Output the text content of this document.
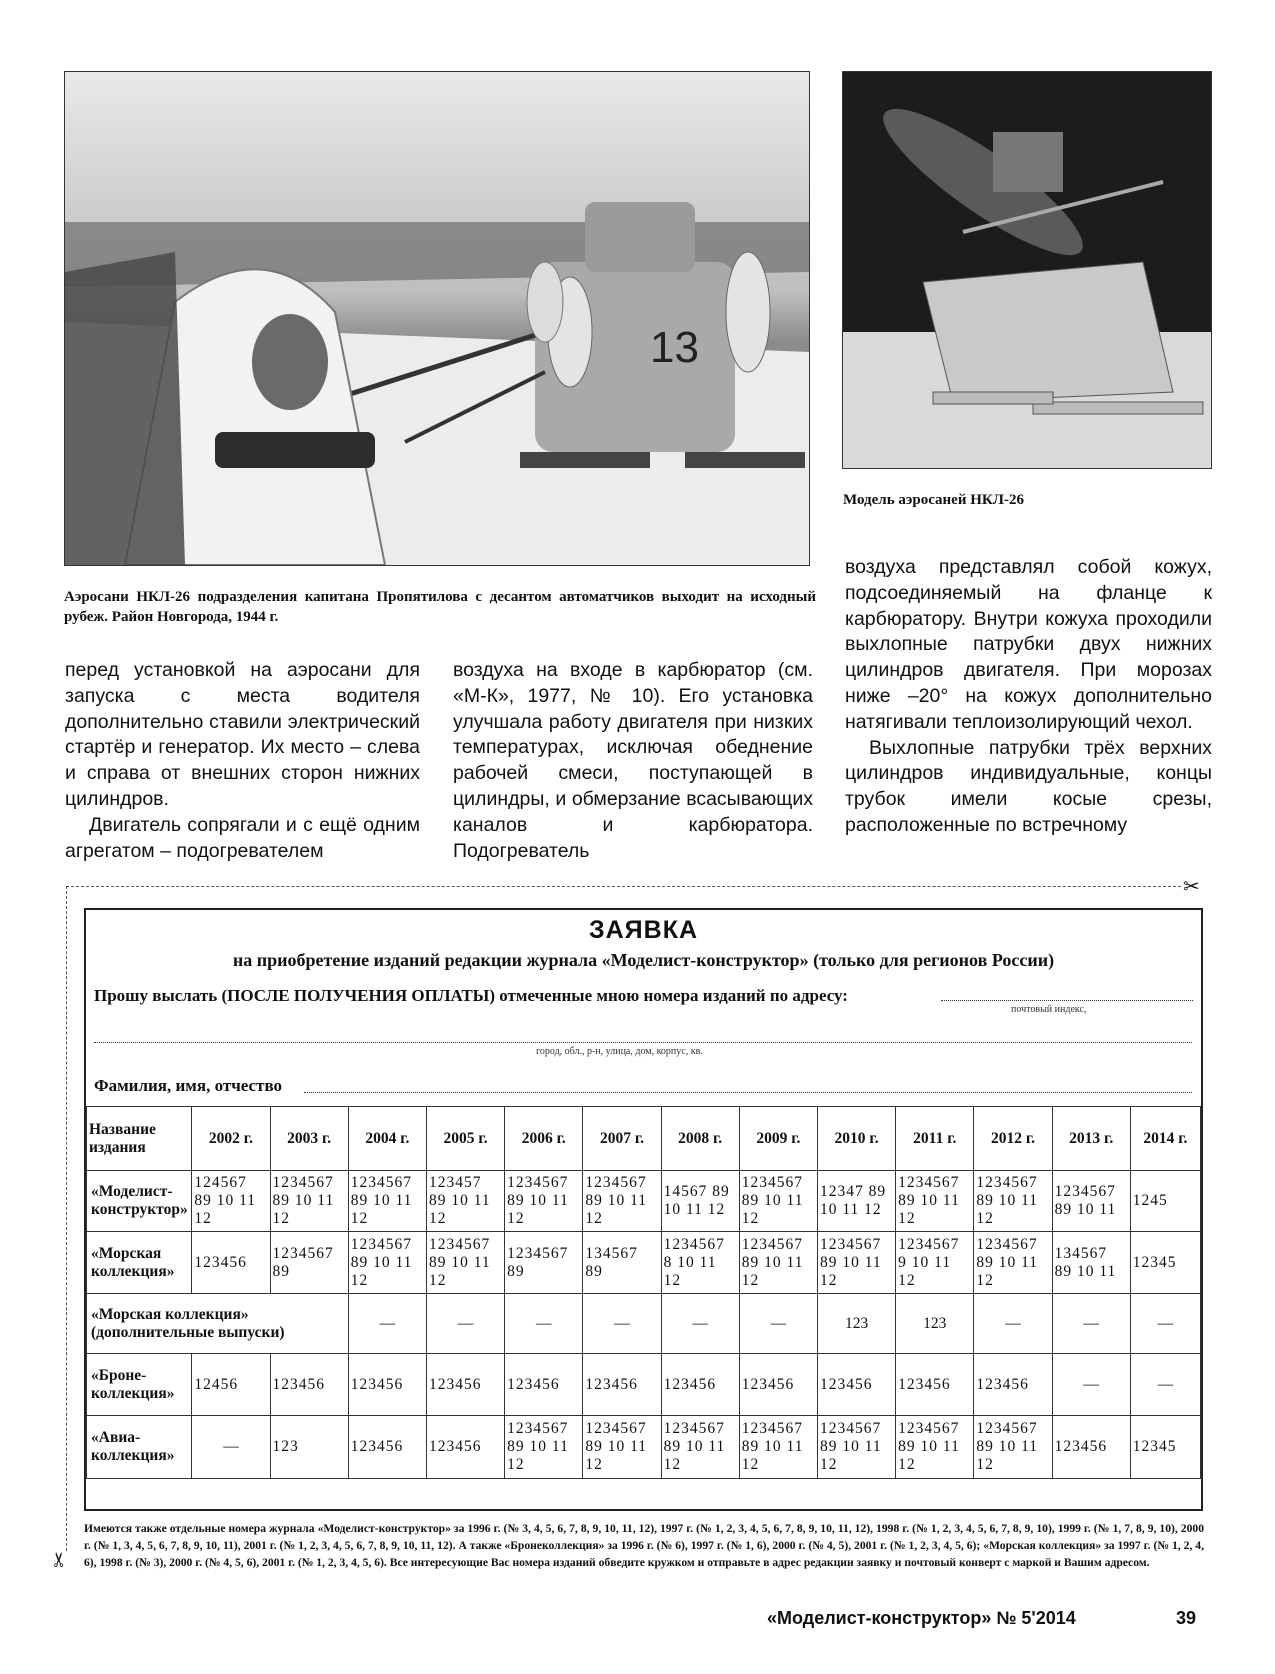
13
Модель аэросаней НКЛ-26
Аэросани НКЛ-26 подразделения капитана Пропятилова с десантом автоматчиков выходит на исходный рубеж. Район Новгорода, 1944 г.

воздуха представлял собой кожух, подсоединяемый на фланце к карбюратору. Внутри кожуха проходили выхлопные патрубки двух нижних цилиндров двигателя. При морозах ниже –20° на кожух дополнительно натягивали теплоизолирующий чехол.

Выхлопные патрубки трёх верхних цилиндров индивидуальные, концы трубок имели косые срезы, расположенные по встречному

перед установкой на аэросани для запуска с места водителя дополнительно ставили электрический стартёр и генератор. Их место – слева и справа от внешних сторон нижних цилиндров.

Двигатель сопрягали и с ещё одним агрегатом – подогревателем

воздуха на входе в карбюратор (см. «М-К», 1977, № 10). Его установка улучшала работу двигателя при низких температурах, исключая обеднение рабочей смеси, поступающей в цилиндры, и обмерзание всасывающих каналов и карбюратора. Подогреватель

✂
✂
ЗАЯВКА
на приобретение изданий редакции журнала «Моделист-конструктор» (только для регионов России)
Прошу выслать (ПОСЛЕ ПОЛУЧЕНИЯ ОПЛАТЫ) отмеченные мною номера изданий по адресу:
почтовый индекс,
город, обл., р-н, улица, дом, корпус, кв.
Фамилия, имя, отчество
Название издания	2002 г.	2003 г.	2004 г.	2005 г.	2006 г.	2007 г.	2008 г.	2009 г.	2010 г.	2011 г.	2012 г.	2013 г.	2014 г.
«Моделист-конструктор»	124567 89 10 11 12	1234567 89 10 11 12	1234567 89 10 11 12	123457 89 10 11 12	1234567 89 10 11 12	1234567 89 10 11 12	14567 89 10 11 12	1234567 89 10 11 12	12347 89 10 11 12	1234567 89 10 11 12	1234567 89 10 11 12	1234567 89 10 11	1245
«Морская коллекция»	123456	1234567 89	1234567 89 10 11 12	1234567 89 10 11 12	1234567 89	134567 89	1234567 8 10 11 12	1234567 89 10 11 12	1234567 89 10 11 12	1234567 9 10 11 12	1234567 89 10 11 12	134567 89 10 11	12345
«Морская коллекция» (дополнительные выпуски)			—	—	—	—	—	—	123	123	—	—	—
«Броне-коллекция»	12456	123456	123456	123456	123456	123456	123456	123456	123456	123456	123456	—	—
«Авиа-коллекция»	—	123	123456	123456	1234567 89 10 11 12	1234567 89 10 11 12	1234567 89 10 11 12	1234567 89 10 11 12	1234567 89 10 11 12	1234567 89 10 11 12	1234567 89 10 11 12	123456	12345
Имеются также отдельные номера журнала «Моделист-конструктор» за 1996 г. (№ 3, 4, 5, 6, 7, 8, 9, 10, 11, 12), 1997 г. (№ 1, 2, 3, 4, 5, 6, 7, 8, 9, 10, 11, 12), 1998 г. (№ 1, 2, 3, 4, 5, 6, 7, 8, 9, 10), 1999 г. (№ 1, 7, 8, 9, 10), 2000 г. (№ 1, 3, 4, 5, 6, 7, 8, 9, 10, 11), 2001 г. (№ 1, 2, 3, 4, 5, 6, 7, 8, 9, 10, 11, 12). А также «Бронеколлекция» за 1996 г. (№ 6), 1997 г. (№ 1, 6), 2000 г. (№ 4, 5), 2001 г. (№ 1, 2, 3, 4, 5, 6); «Морская коллекция» за 1997 г. (№ 1, 2, 4, 6), 1998 г. (№ 3), 2000 г. (№ 4, 5, 6), 2001 г. (№ 1, 2, 3, 4, 5, 6). Все интересующие Вас номера изданий обведите кружком и отправьте в адрес редакции заявку и почтовый конверт с маркой и Вашим адресом.
«Моделист-конструктор» № 5'2014	39
